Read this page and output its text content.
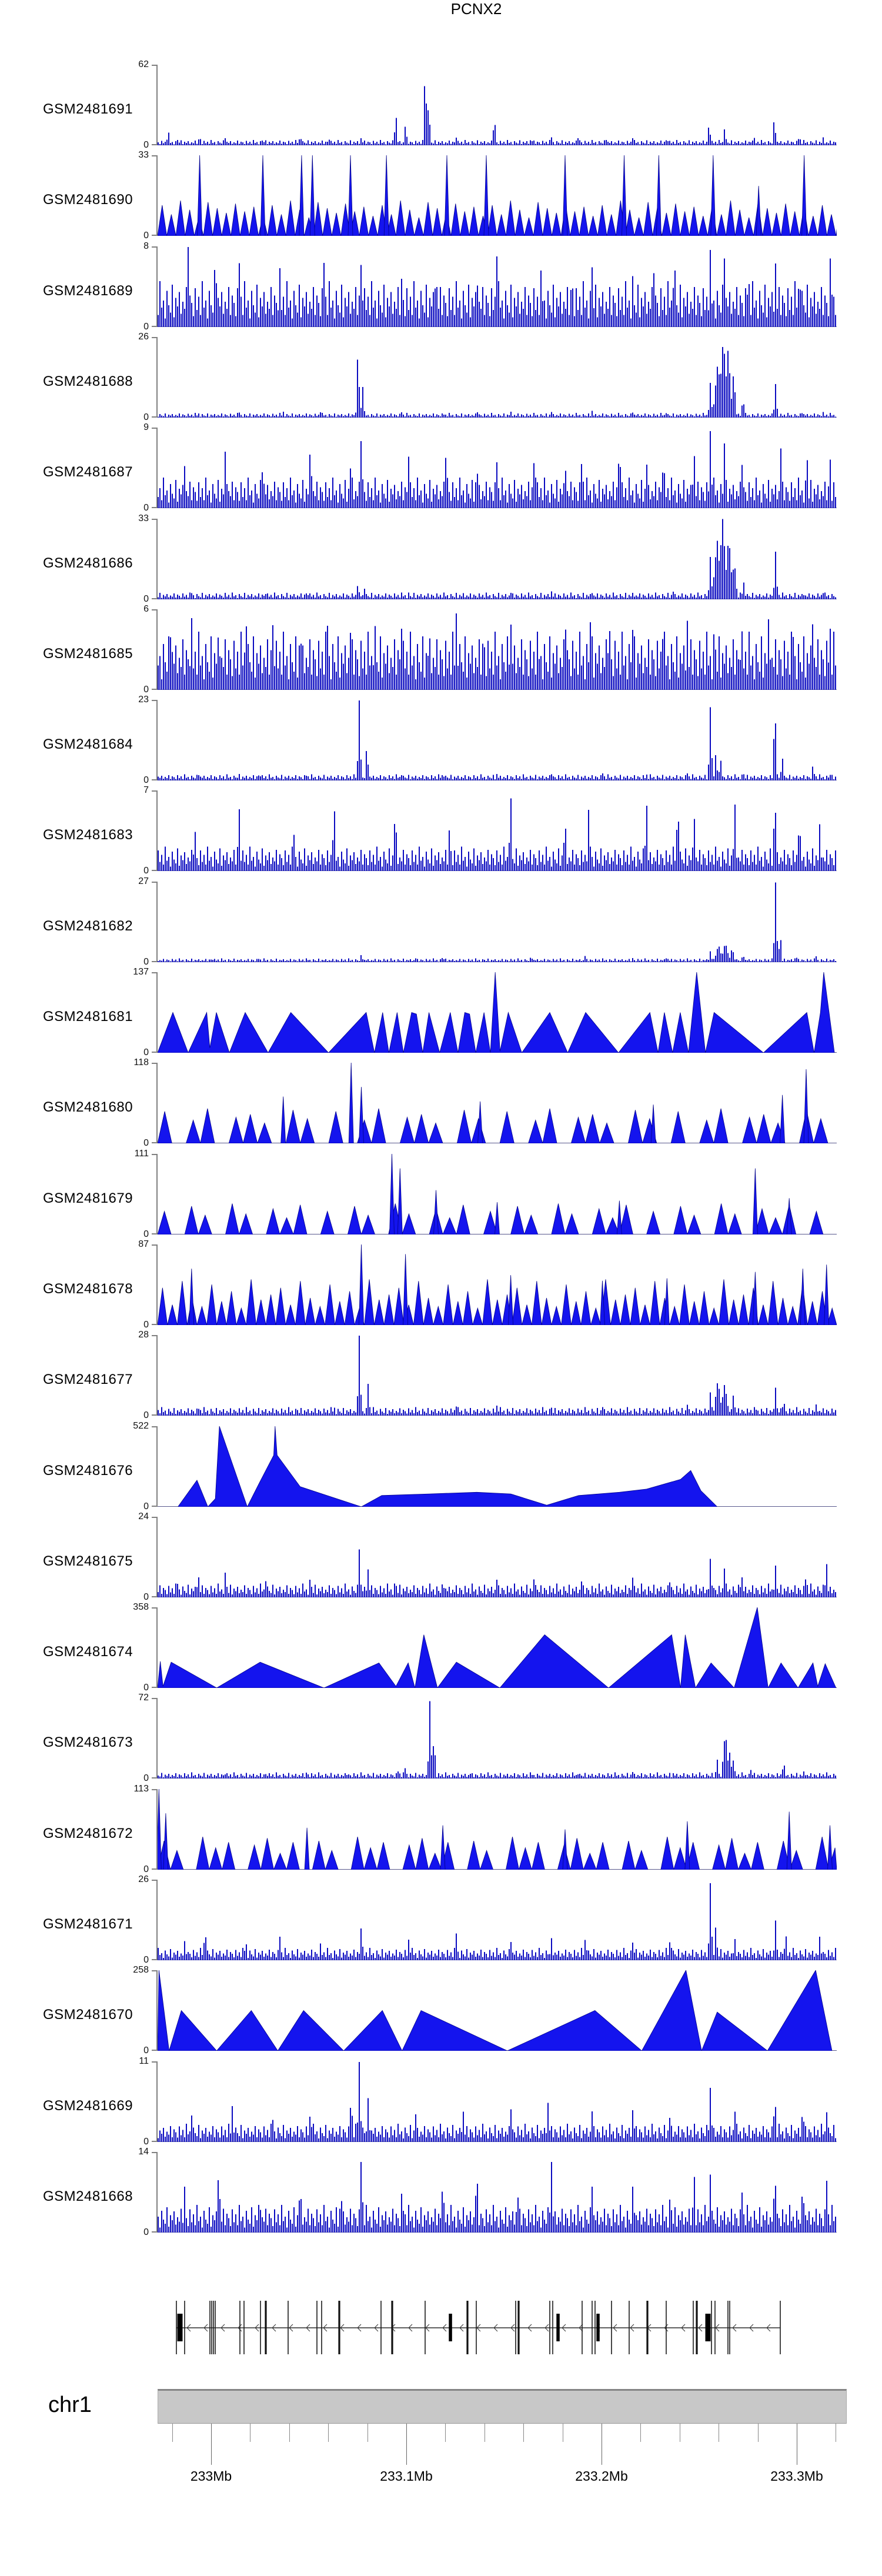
GSM2481691
62
0
GSM2481690
33
0
GSM2481689
8
0
GSM2481688
26
0
GSM2481687
9
0
GSM2481686
33
0
GSM2481685
6
0
GSM2481684
23
0
GSM2481683
7
0
GSM2481682
27
0
GSM2481681
137
0
GSM2481680
118
0
GSM2481679
111
0
GSM2481678
87
0
GSM2481677
28
0
GSM2481676
522
0
GSM2481675
24
0
GSM2481674
358
0
GSM2481673
72
0
GSM2481672
113
0
GSM2481671
26
0
GSM2481670
258
0
GSM2481669
11
0
GSM2481668
14
0
PCNX2
chr1
233Mb	233.1Mb	233.2Mb	233.3Mb
